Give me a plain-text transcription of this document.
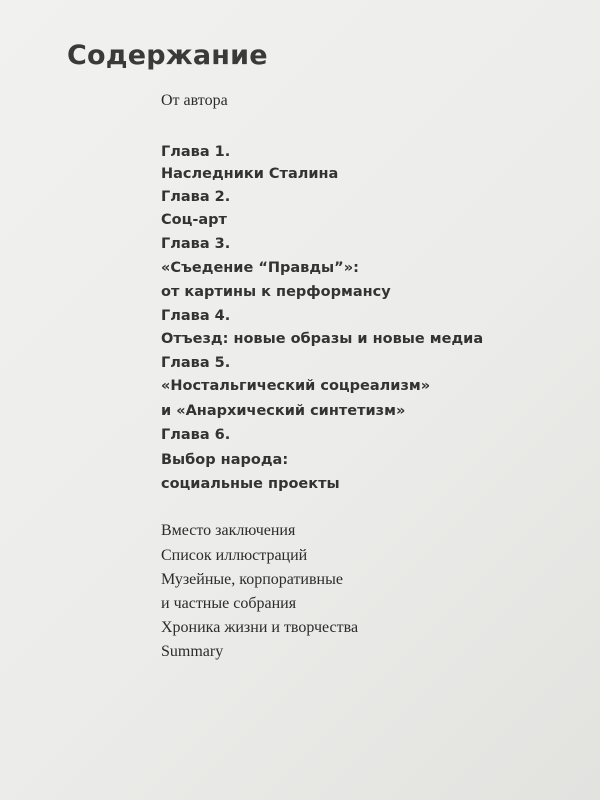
Содержание
От автора
Глава 1.
Наследники Сталина
Глава 2.
Соц-арт
Глава 3.
«Съедение “Правды”»:
от картины к перформансу
Глава 4.
Отъезд: новые образы и новые медиа
Глава 5.
«Ностальгический соцреализм»
и «Анархический синтетизм»
Глава 6.
Выбор народа:
социальные проекты
Вместо заключения
Список иллюстраций
Музейные, корпоративные
и частные собрания
Хроника жизни и творчества
Summary
